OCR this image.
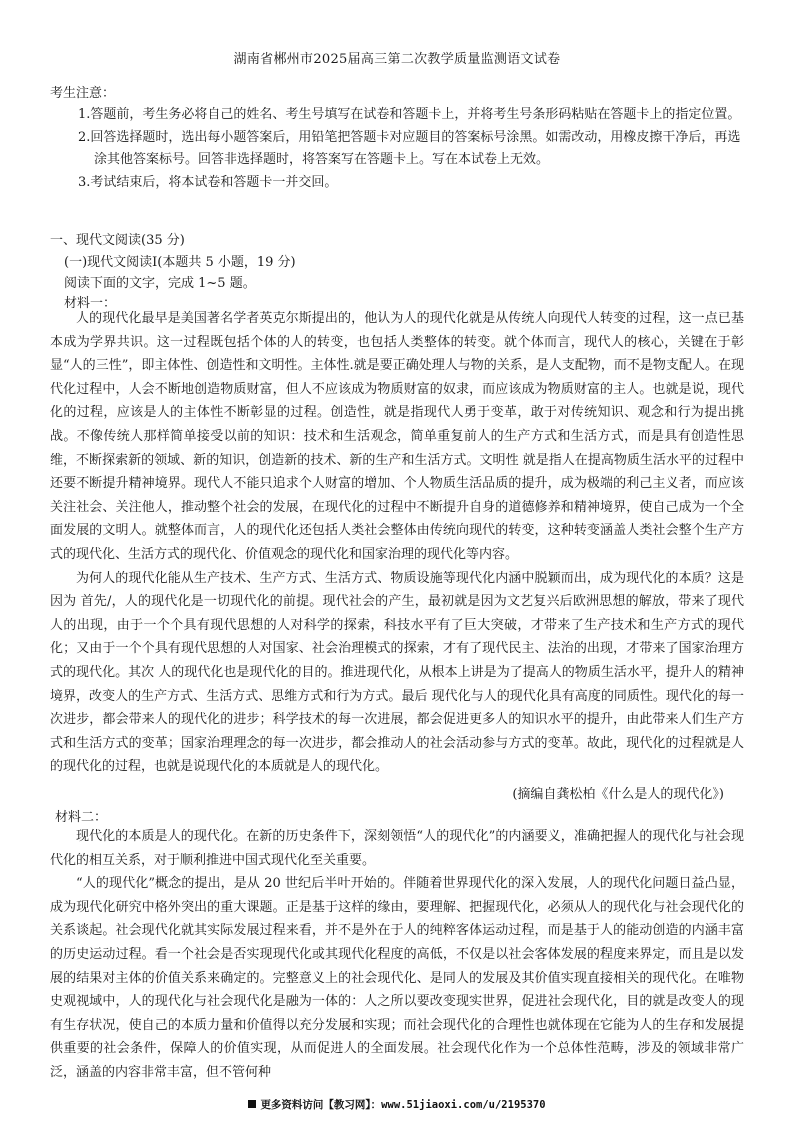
湖南省郴州市2025届高三第二次教学质量监测语文试卷
考生注意：

1.答题前，考生务必将自己的姓名、考生号填写在试卷和答题卡上，并将考生号条形码粘贴在答题卡上的指定位置。

2.回答选择题时，选出每小题答案后，用铅笔把答题卡对应题目的答案标号涂黑。如需改动，用橡皮擦干净后，再选涂其他答案标号。回答非选择题时，将答案写在答题卡上。写在本试卷上无效。

3.考试结束后，将本试卷和答题卡一并交回。

一、现代文阅读(35 分)
(一)现代文阅读Ⅰ(本题共 5 小题，19 分)
阅读下面的文字，完成 1~5 题。
材料一：

人的现代化最早是美国著名学者英克尔斯提出的，他认为人的现代化就是从传统人向现代人转变的过程，这一点已基本成为学界共识。这一过程既包括个体的人的转变，也包括人类整体的转变。就个体而言，现代人的核心，关键在于彰显“人的三性”，即主体性、创造性和文明性。主体性.就是要正确处理人与物的关系，是人支配物，而不是物支配人。在现代化过程中，人会不断地创造物质财富，但人不应该成为物质财富的奴隶，而应该成为物质财富的主人。也就是说，现代化的过程，应该是人的主体性不断彰显的过程。创造性，就是指现代人勇于变革，敢于对传统知识、观念和行为提出挑战。不像传统人那样简单接受以前的知识：技术和生活观念，简单重复前人的生产方式和生活方式，而是具有创造性思维，不断探索新的领域、新的知识，创造新的技术、新的生产和生活方式。文明性 就是指人在提高物质生活水平的过程中还要不断提升精神境界。现代人不能只追求个人财富的增加、个人物质生活品质的提升，成为极端的利己主义者，而应该关注社会、关注他人，推动整个社会的发展，在现代化的过程中不断提升自身的道德修养和精神境界，使自己成为一个全面发展的文明人。就整体而言，人的现代化还包括人类社会整体由传统向现代的转变，这种转变涵盖人类社会整个生产方式的现代化、生活方式的现代化、价值观念的现代化和国家治理的现代化等内容。

为何人的现代化能从生产技术、生产方式、生活方式、物质设施等现代化内涵中脱颖而出，成为现代化的本质？这是因为 首先/，人的现代化是一切现代化的前提。现代社会的产生，最初就是因为文艺复兴后欧洲思想的解放，带来了现代人的出现，由于一个个具有现代思想的人对科学的探索，科技水平有了巨大突破，才带来了生产技术和生产方式的现代化；又由于一个个具有现代思想的人对国家、社会治理模式的探索，才有了现代民主、法治的出现，才带来了国家治理方式的现代化。其次 人的现代化也是现代化的目的。推进现代化，从根本上讲是为了提高人的物质生活水平，提升人的精神境界，改变人的生产方式、生活方式、思维方式和行为方式。最后 现代化与人的现代化具有高度的同质性。现代化的每一次进步，都会带来人的现代化的进步；科学技术的每一次进展，都会促进更多人的知识水平的提升，由此带来人们生产方式和生活方式的变革；国家治理理念的每一次进步，都会推动人的社会活动参与方式的变革。故此，现代化的过程就是人的现代化的过程，也就是说现代化的本质就是人的现代化。

(摘编自龚松柏《什么是人的现代化》)
材料二：

现代化的本质是人的现代化。在新的历史条件下，深刻领悟“人的现代化”的内涵要义，准确把握人的现代化与社会现代化的相互关系，对于顺利推进中国式现代化至关重要。

“人的现代化”概念的提出，是从 20 世纪后半叶开始的。伴随着世界现代化的深入发展，人的现代化问题日益凸显，成为现代化研究中格外突出的重大课题。正是基于这样的缘由，要理解、把握现代化，必须从人的现代化与社会现代化的关系谈起。社会现代化就其实际发展过程来看，并不是外在于人的纯粹客体运动过程，而是基于人的能动创造的内涵丰富的历史运动过程。看一个社会是否实现现代化或其现代化程度的高低，不仅是以社会客体发展的程度来界定，而且是以发展的结果对主体的价值关系来确定的。完整意义上的社会现代化、是同人的发展及其价值实现直接相关的现代化。在唯物史观视域中，人的现代化与社会现代化是融为一体的：人之所以要改变现实世界，促进社会现代化，目的就是改变人的现有生存状况，使自己的本质力量和价值得以充分发展和实现；而社会现代化的合理性也就体现在它能为人的生存和发展提供重要的社会条件，保障人的价值实现，从而促进人的全面发展。社会现代化作为一个总体性范畴，涉及的领域非常广泛，涵盖的内容非常丰富，但不管何种

更多资料访问【教习网】：www.51jiaoxi.com/u/2195370
